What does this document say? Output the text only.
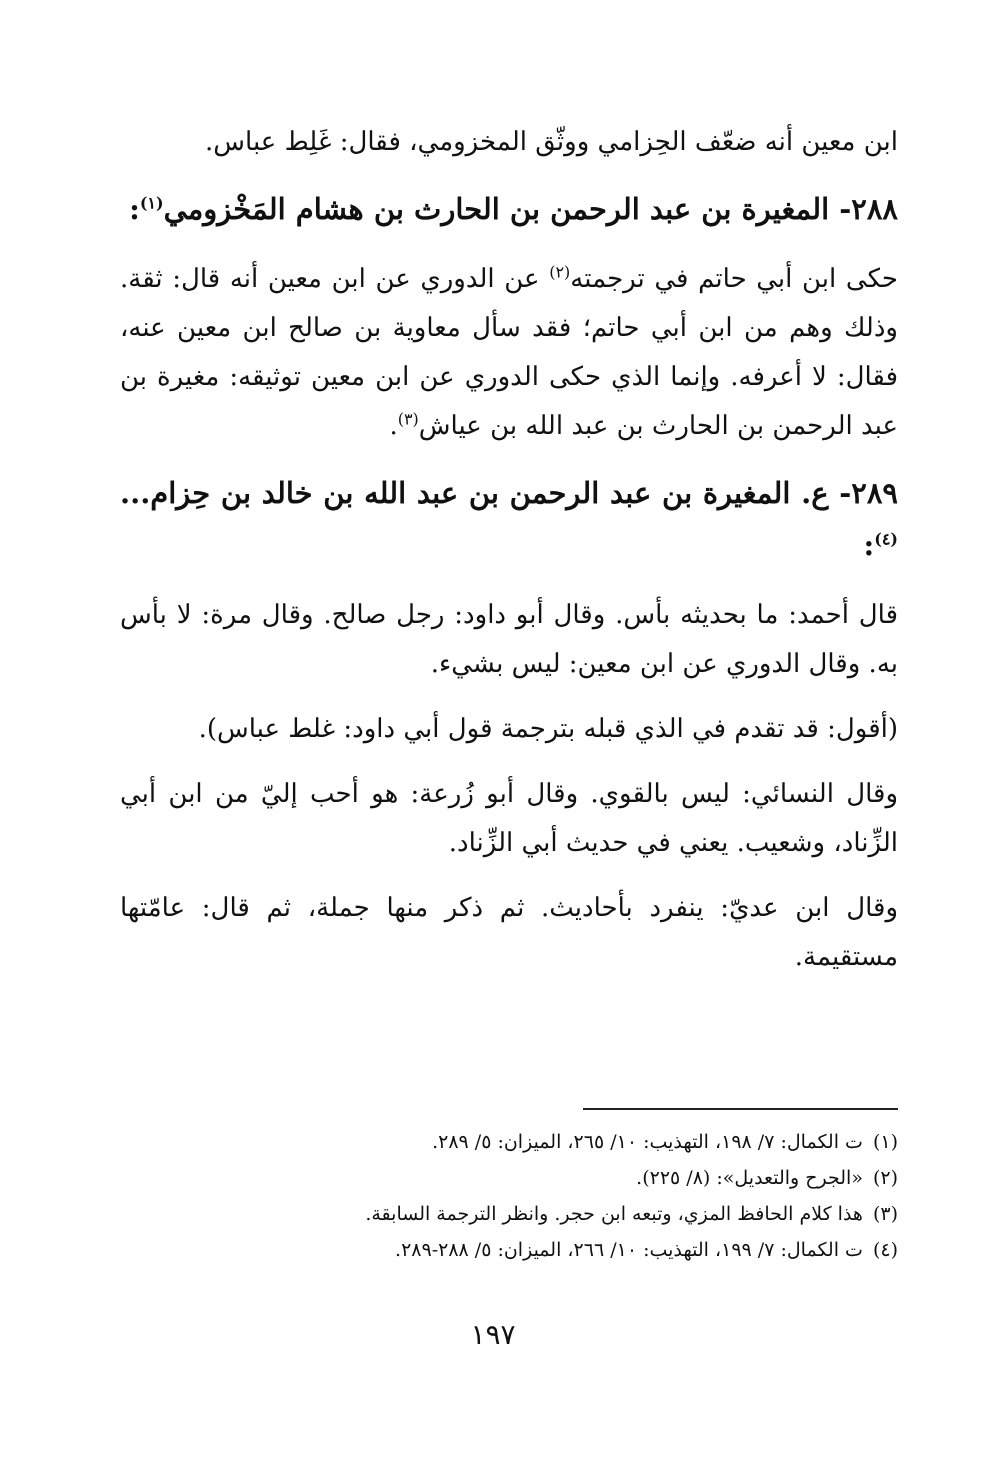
ابن معين أنه ضعّف الحِزامي ووثّق المخزومي، فقال: غَلِط عباس.

٢٨٨- المغيرة بن عبد الرحمن بن الحارث بن هشام المَخْزومي$^{(١)}$:

حكى ابن أبي حاتم في ترجمته$^{(٢)}$ عن الدوري عن ابن معين أنه قال: ثقة. وذلك وهم من ابن أبي حاتم؛ فقد سأل معاوية بن صالح ابن معين عنه، فقال: لا أعرفه. وإنما الذي حكى الدوري عن ابن معين توثيقه: مغيرة بن عبد الرحمن بن الحارث بن عبد الله بن عياش$^{(٣)}$.

٢٨٩- ع. المغيرة بن عبد الرحمن بن عبد الله بن خالد بن حِزام...$^{(٤)}$:

قال أحمد: ما بحديثه بأس. وقال أبو داود: رجل صالح. وقال مرة: لا بأس به. وقال الدوري عن ابن معين: ليس بشيء.

(أقول: قد تقدم في الذي قبله بترجمة قول أبي داود: غلط عباس).

وقال النسائي: ليس بالقوي. وقال أبو زُرعة: هو أحب إليّ من ابن أبي الزِّناد، وشعيب. يعني في حديث أبي الزِّناد.

وقال ابن عديّ: ينفرد بأحاديث. ثم ذكر منها جملة، ثم قال: عامّتها مستقيمة.

(١)
ت الكمال: ٧/ ١٩٨، التهذيب: ١٠/ ٢٦٥، الميزان: ٥/ ٢٨٩.
(٢)
«الجرح والتعديل»: (٨/ ٢٢٥).
(٣)
هذا كلام الحافظ المزي، وتبعه ابن حجر. وانظر الترجمة السابقة.
(٤)
ت الكمال: ٧/ ١٩٩، التهذيب: ١٠/ ٢٦٦، الميزان: ٥/ ٢٨٨-٢٨٩.
١٩٧
